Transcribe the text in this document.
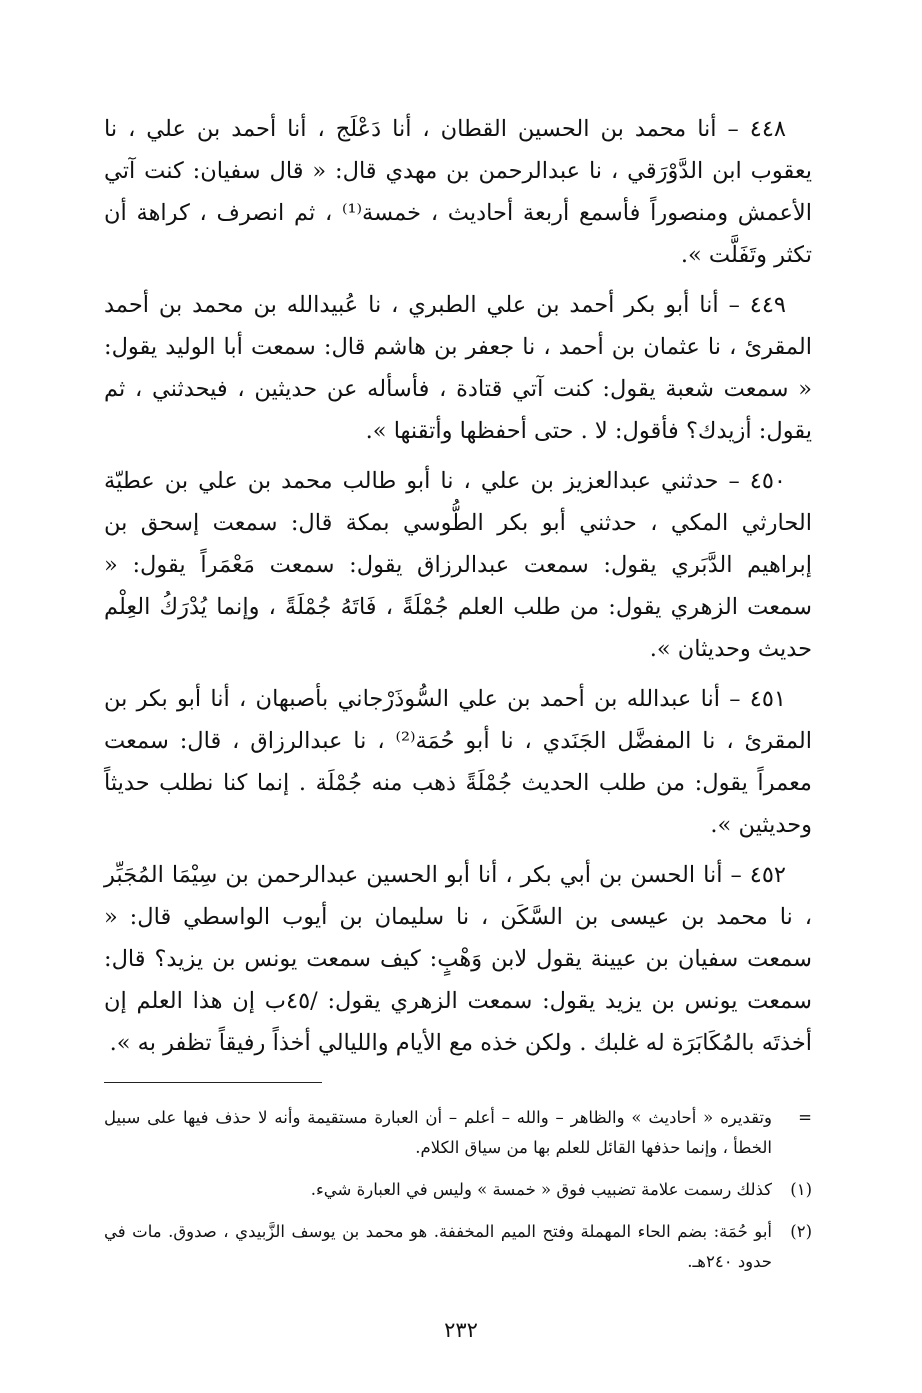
٤٤٨ – أنا محمد بن الحسين القطان ، أنا دَعْلَج ، أنا أحمد بن علي ، نا يعقوب ابن الدَّوْرَقي ، نا عبدالرحمن بن مهدي قال: « قال سفيان: كنت آتي الأعمش ومنصوراً فأسمع أربعة أحاديث ، خمسة⁽¹⁾ ، ثم انصرف ، كراهة أن تكثر وتَفَلَّت ».

٤٤٩ – أنا أبو بكر أحمد بن علي الطبري ، نا عُبيدالله بن محمد بن أحمد المقرئ ، نا عثمان بن أحمد ، نا جعفر بن هاشم قال: سمعت أبا الوليد يقول: « سمعت شعبة يقول: كنت آتي قتادة ، فأسأله عن حديثين ، فيحدثني ، ثم يقول: أزيدك؟ فأقول: لا . حتى أحفظها وأتقنها ».

٤٥٠ – حدثني عبدالعزيز بن علي ، نا أبو طالب محمد بن علي بن عطيّة الحارثي المكي ، حدثني أبو بكر الطُّوسي بمكة قال: سمعت إسحق بن إبراهيم الدَّبَري يقول: سمعت عبدالرزاق يقول: سمعت مَعْمَراً يقول: « سمعت الزهري يقول: من طلب العلم جُمْلَةً ، فَاتَهُ جُمْلَةً ، وإنما يُدْرَكُ العِلْم حديث وحديثان ».

٤٥١ – أنا عبدالله بن أحمد بن علي السُّوذَرْجاني بأصبهان ، أنا أبو بكر بن المقرئ ، نا المفضَّل الجَنَدي ، نا أبو حُمَة⁽²⁾ ، نا عبدالرزاق ، قال: سمعت معمراً يقول: من طلب الحديث جُمْلَةً ذهب منه جُمْلَة . إنما كنا نطلب حديثاً وحديثين ».

٤٥٢ – أنا الحسن بن أبي بكر ، أنا أبو الحسين عبدالرحمن بن سِيْمَا المُجَبِّر ، نا محمد بن عيسى بن السَّكَن ، نا سليمان بن أيوب الواسطي قال: « سمعت سفيان بن عيينة يقول لابن وَهْبٍ: كيف سمعت يونس بن يزيد؟ قال: سمعت يونس بن يزيد يقول: سمعت الزهري يقول: /٤٥ب إن هذا العلم إن أخذتَه بالمُكَابَرَة له غلبك . ولكن خذه مع الأيام والليالي أخذاً رفيقاً تظفر به ».

=
وتقديره « أحاديث » والظاهر – والله – أعلم – أن العبارة مستقيمة وأنه لا حذف فيها على سبيل الخطأ ، وإنما حذفها القائل للعلم بها من سياق الكلام.
(١)
كذلك رسمت علامة تضبيب فوق « خمسة » وليس في العبارة شيء.
(٢)
أبو حُمَة: بضم الحاء المهملة وفتح الميم المخففة. هو محمد بن يوسف الزَّبيدي ، صدوق. مات في حدود ٢٤٠هـ.
٢٣٢
